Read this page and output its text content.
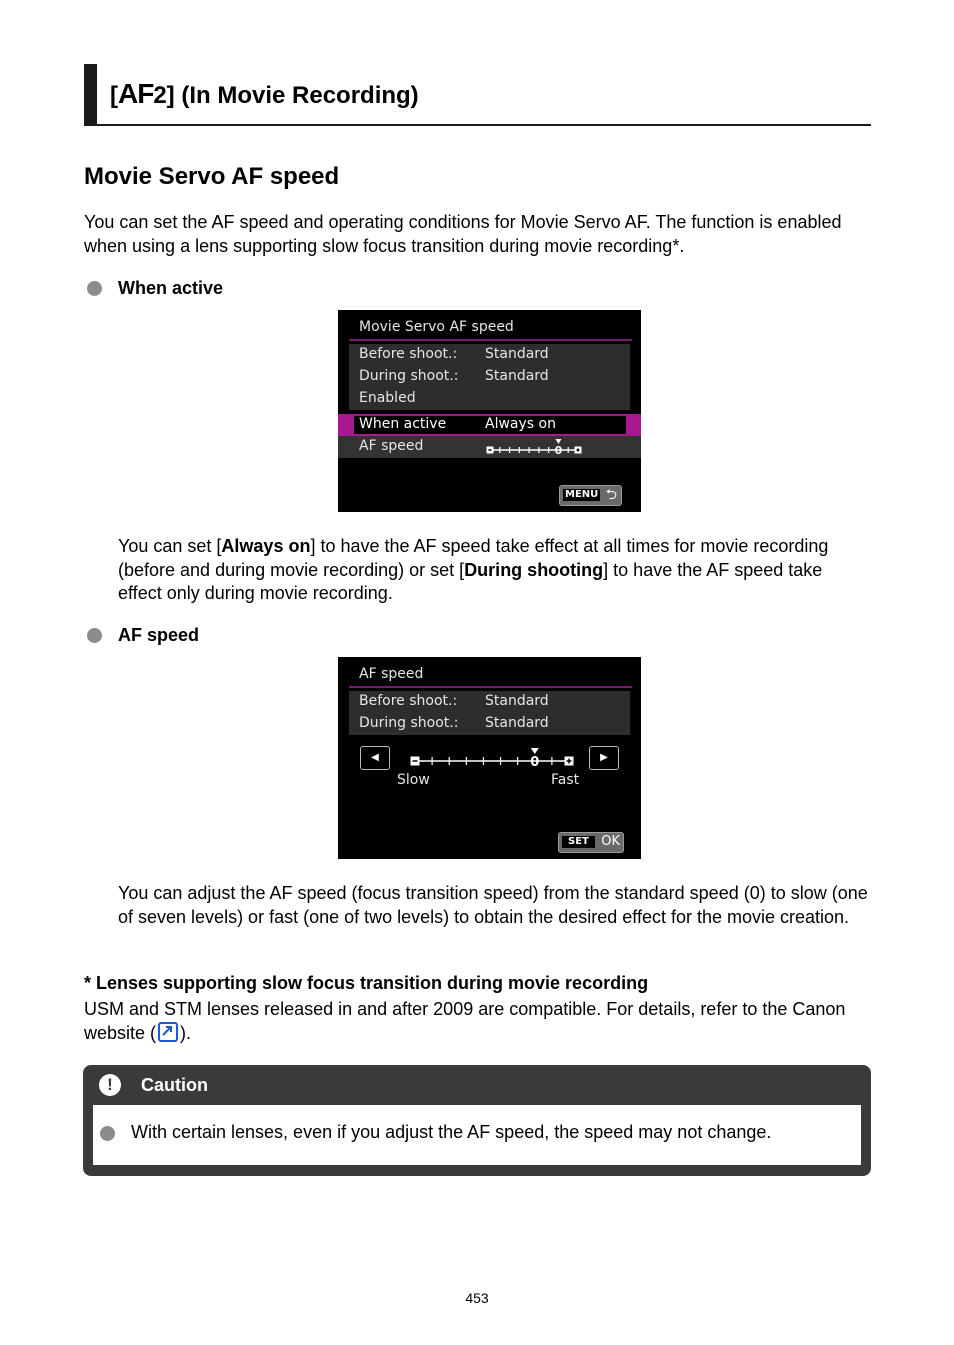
[AF2] (In Movie Recording)
Movie Servo AF speed
You can set the AF speed and operating conditions for Movie Servo AF. The function is enabled when using a lens supporting slow focus transition during movie recording*.
When active
Movie Servo AF speed
Before shoot.: Standard
During shoot.: Standard
Enabled
When active	Always on
AF speed	0
MENU ⮌
You can set [Always on] to have the AF speed take effect at all times for movie recording (before and during movie recording) or set [During shooting] to have the AF speed take effect only during movie recording.
AF speed
AF speed
Before shoot.: Standard
During shoot.: Standard
◀	0	▶
Slow	Fast
SET OK
You can adjust the AF speed (focus transition speed) from the standard speed (0) to slow (one of seven levels) or fast (one of two levels) to obtain the desired effect for the movie creation.
* Lenses supporting slow focus transition during movie recording
USM and STM lenses released in and after 2009 are compatible. For details, refer to the Canon website ( ).
!	Caution
With certain lenses, even if you adjust the AF speed, the speed may not change.
453
